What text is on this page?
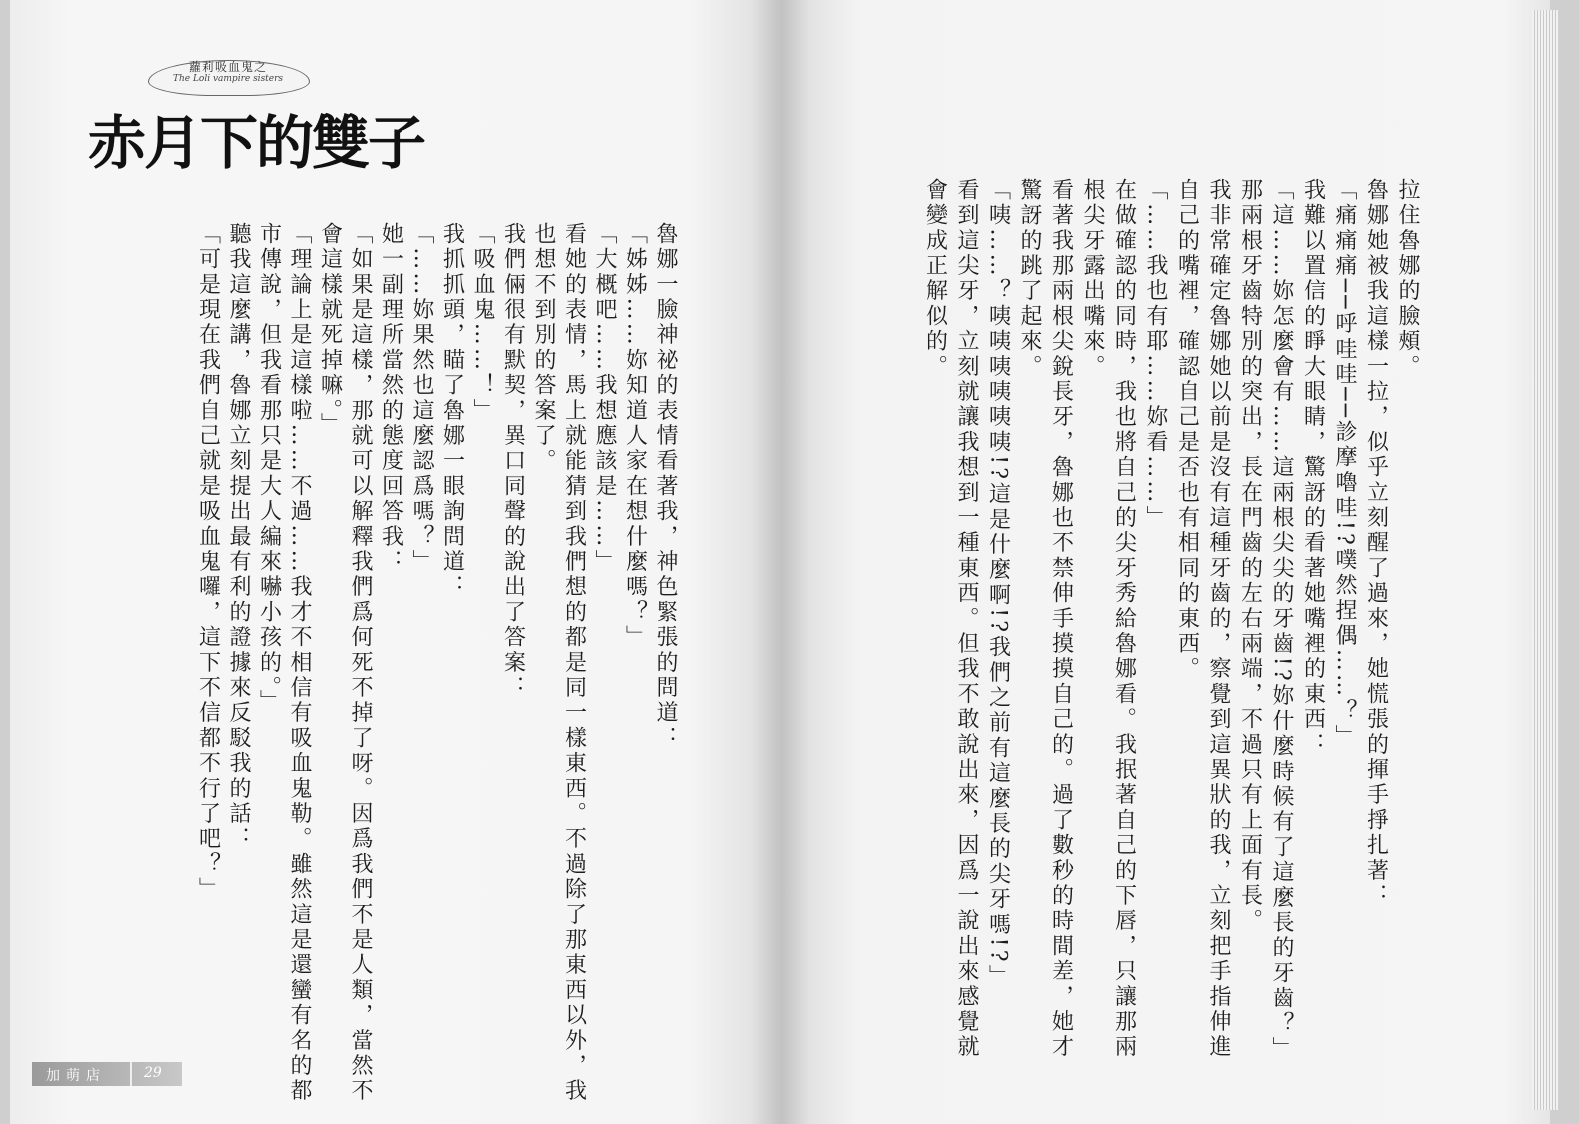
蘿莉吸血鬼之
The Loli vampire sisters
赤月下的雙子
魯娜一臉神祕的表情看著我，神色緊張的問道：
「姊姊……妳知道人家在想什麼嗎？」
「大概吧……我想應該是……」
看她的表情，馬上就能猜到我們想的都是同一樣東西。不過除了那東西以外，我
也想不到別的答案了。
我們倆很有默契，異口同聲的說出了答案：
「吸血鬼……！」
我抓抓頭，瞄了魯娜一眼詢問道：
「……妳果然也這麼認爲嗎？」
她一副理所當然的態度回答我：
「如果是這樣，那就可以解釋我們爲何死不掉了呀。因爲我們不是人類，當然不
會這樣就死掉嘛。」
「理論上是這樣啦……不過……我才不相信有吸血鬼勒。雖然這是還蠻有名的都
市傳說，但我看那只是大人編來嚇小孩的。」
聽我這麼講，魯娜立刻提出最有利的證據來反駁我的話：
「可是現在我們自己就是吸血鬼囉，這下不信都不行了吧？」
加萌店	29
拉住魯娜的臉頰。
魯娜她被我這樣一拉，似乎立刻醒了過來，她慌張的揮手掙扎著：
「痛痛痛──呼哇哇──診摩嚕哇!?噗然捏偶……？」
我難以置信的睜大眼睛，驚訝的看著她嘴裡的東西：
「這……妳怎麼會有……這兩根尖尖的牙齒!?妳什麼時候有了這麼長的牙齒？」
那兩根牙齒特別的突出，長在門齒的左右兩端，不過只有上面有長。
我非常確定魯娜她以前是沒有這種牙齒的，察覺到這異狀的我，立刻把手指伸進
自己的嘴裡，確認自己是否也有相同的東西。
「……我也有耶……妳看……」
在做確認的同時，我也將自己的尖牙秀給魯娜看。我抿著自己的下唇，只讓那兩
根尖牙露出嘴來。
看著我那兩根尖銳長牙，魯娜也不禁伸手摸摸自己的。過了數秒的時間差，她才
驚訝的跳了起來。
「咦……？咦咦咦咦咦咦!?這是什麼啊!?我們之前有這麼長的尖牙嗎!?」
看到這尖牙，立刻就讓我想到一種東西。但我不敢說出來，因爲一說出來感覺就
會變成正解似的。
